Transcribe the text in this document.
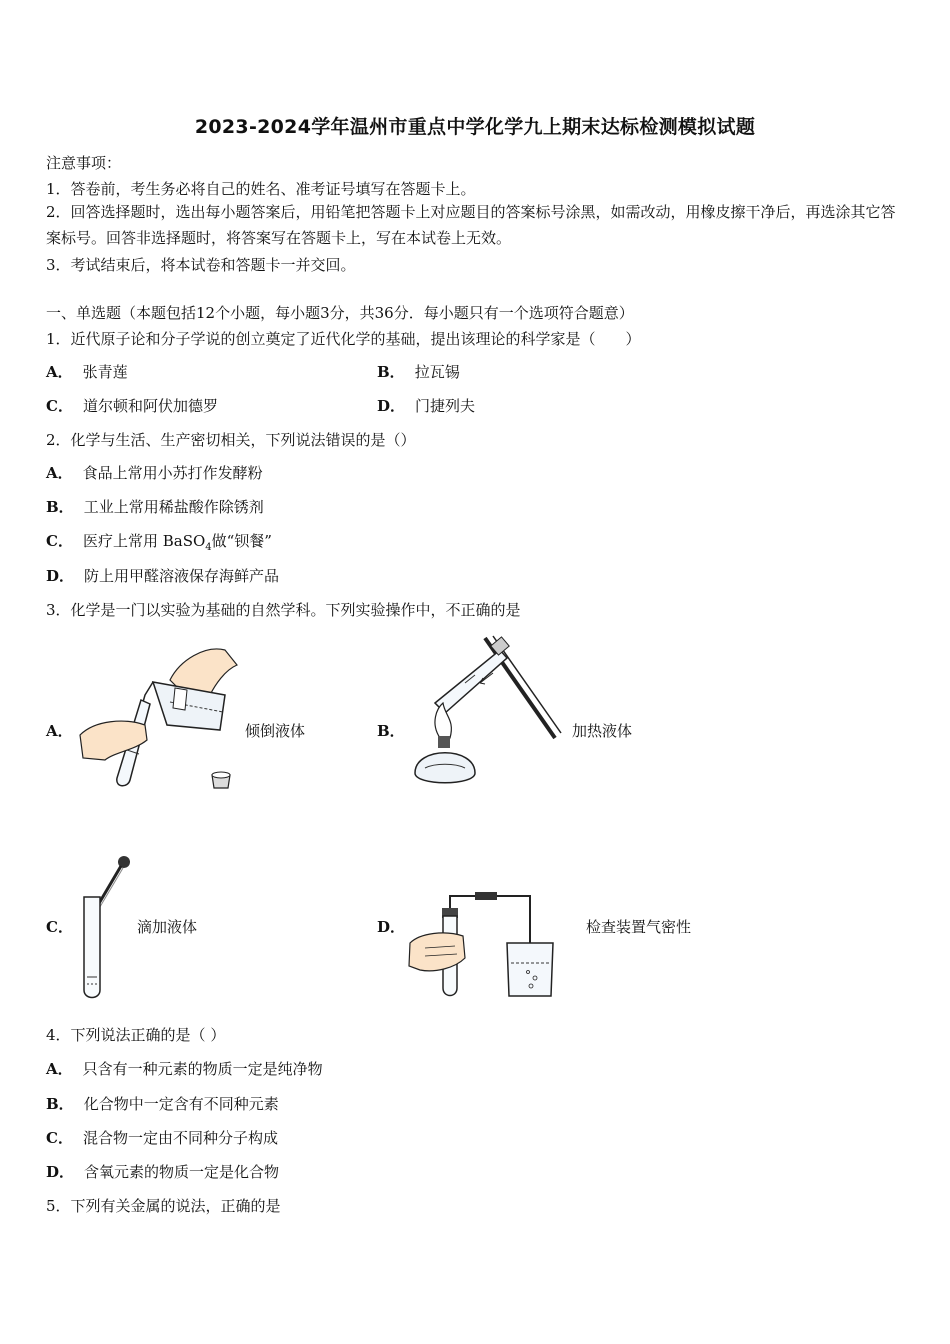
2023-2024学年温州市重点中学化学九上期末达标检测模拟试题
注意事项：
1．答卷前，考生务必将自己的姓名、准考证号填写在答题卡上。
2．回答选择题时，选出每小题答案后，用铅笔把答题卡上对应题目的答案标号涂黑，如需改动，用橡皮擦干净后，再选涂其它答案标号。回答非选择题时，将答案写在答题卡上，写在本试卷上无效。
3．考试结束后，将本试卷和答题卡一并交回。
一、单选题（本题包括12个小题，每小题3分，共36分．每小题只有一个选项符合题意）
1．近代原子论和分子学说的创立奠定了近代化学的基础，提出该理论的科学家是（　　）
A． 张青莲	B． 拉瓦锡
C． 道尔顿和阿伏加德罗	D． 门捷列夫
2．化学与生活、生产密切相关，下列说法错误的是（）
A． 食品上常用小苏打作发酵粉
B． 工业上常用稀盐酸作除锈剂
C． 医疗上常用 BaSO$_4$做“钡餐”
D． 防上用甲醛溶液保存海鲜产品
3．化学是一门以实验为基础的自然学科。下列实验操作中，不正确的是
A．	倾倒液体	B．	加热液体
C．	滴加液体	D．	检查装置气密性
4．下列说法正确的是（ ）
A． 只含有一种元素的物质一定是纯净物
B． 化合物中一定含有不同种元素
C． 混合物一定由不同种分子构成
D． 含氧元素的物质一定是化合物
5．下列有关金属的说法，正确的是
